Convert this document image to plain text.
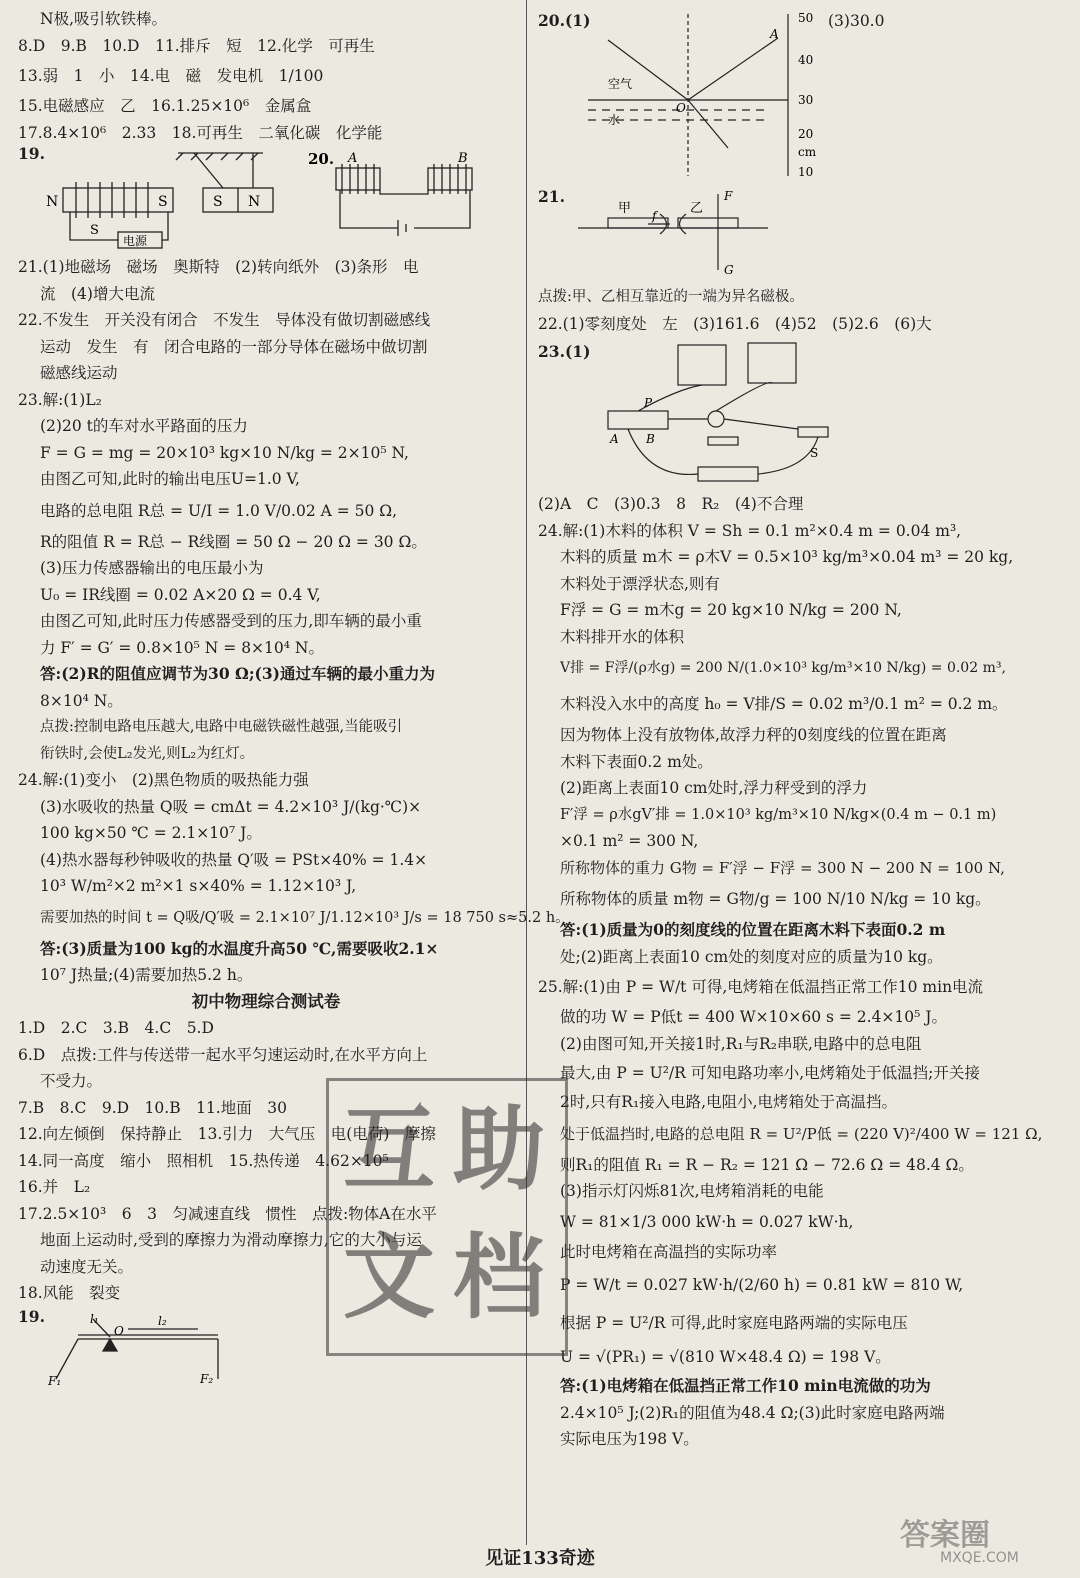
N极,吸引软铁棒。
8.D　9.B　10.D　11.排斥　短　12.化学　可再生
13.弱　1　小　14.电　磁　发电机　1/100
15.电磁感应　乙　16.1.25×10⁶　金属盒
17.8.4×10⁶　2.33　18.可再生　二氧化碳　化学能
19.
N	S	S N
S
电源
20. A	B
21.(1)地磁场　磁场　奥斯特　(2)转向纸外　(3)条形　电
流　(4)增大电流
22.不发生　开关没有闭合　不发生　导体没有做切割磁感线
运动　发生　有　闭合电路的一部分导体在磁场中做切割
磁感线运动
23.解:(1)L₂
(2)20 t的车对水平路面的压力
F = G = mg = 20×10³ kg×10 N/kg = 2×10⁵ N,
由图乙可知,此时的输出电压U=1.0 V,
电路的总电阻 R总 = U/I = 1.0 V/0.02 A = 50 Ω,
R的阻值 R = R总 − R线圈 = 50 Ω − 20 Ω = 30 Ω。
(3)压力传感器输出的电压最小为
U₀ = IR线圈 = 0.02 A×20 Ω = 0.4 V,
由图乙可知,此时压力传感器受到的压力,即车辆的最小重
力 F′ = G′ = 0.8×10⁵ N = 8×10⁴ N。
答:(2)R的阻值应调节为30 Ω;(3)通过车辆的最小重力为
8×10⁴ N。
点拨:控制电路电压越大,电路中电磁铁磁性越强,当能吸引
衔铁时,会使L₂发光,则L₂为红灯。
24.解:(1)变小　(2)黑色物质的吸热能力强
(3)水吸收的热量 Q吸 = cmΔt = 4.2×10³ J/(kg·℃)×
100 kg×50 ℃ = 2.1×10⁷ J。
(4)热水器每秒钟吸收的热量 Q′吸 = PSt×40% = 1.4×
10³ W/m²×2 m²×1 s×40% = 1.12×10³ J,
需要加热的时间 t = Q吸/Q′吸 = 2.1×10⁷ J/1.12×10³ J/s = 18 750 s≈5.2 h。
答:(3)质量为100 kg的水温度升高50 ℃,需要吸收2.1×
10⁷ J热量;(4)需要加热5.2 h。
初中物理综合测试卷
1.D　2.C　3.B　4.C　5.D
6.D　点拨:工件与传送带一起水平匀速运动时,在水平方向上
不受力。
7.B　8.C　9.D　10.B　11.地面　30
12.向左倾倒　保持静止　13.引力　大气压　电(电荷)　摩擦
14.同一高度　缩小　照相机　15.热传递　4.62×10⁵
16.并　L₂
17.2.5×10³　6　3　匀减速直线　惯性　点拨:物体A在水平
地面上运动时,受到的摩擦力为滑动摩擦力,它的大小与运
动速度无关。
18.风能　裂变
19.	l₁
O
l₂
F₁	F₂
20.(1)	(3)30.0
50
40
30
20
cm
10
A
O
空气
水
21.
甲	乙
f
F
G
点拨:甲、乙相互靠近的一端为异名磁极。
22.(1)零刻度处　左　(3)161.6　(4)52　(5)2.6　(6)大
23.(1)
P
A B
S
(2)A　C　(3)0.3　8　R₂　(4)不合理
24.解:(1)木料的体积 V = Sh = 0.1 m²×0.4 m = 0.04 m³,
木料的质量 m木 = ρ木V = 0.5×10³ kg/m³×0.04 m³ = 20 kg,
木料处于漂浮状态,则有
F浮 = G = m木g = 20 kg×10 N/kg = 200 N,
木料排开水的体积
V排 = F浮/(ρ水g) = 200 N/(1.0×10³ kg/m³×10 N/kg) = 0.02 m³,
木料没入水中的高度 h₀ = V排/S = 0.02 m³/0.1 m² = 0.2 m。
因为物体上没有放物体,故浮力秤的0刻度线的位置在距离
木料下表面0.2 m处。
(2)距离上表面10 cm处时,浮力秤受到的浮力
F′浮 = ρ水gV′排 = 1.0×10³ kg/m³×10 N/kg×(0.4 m − 0.1 m)
×0.1 m² = 300 N,
所称物体的重力 G物 = F′浮 − F浮 = 300 N − 200 N = 100 N,
所称物体的质量 m物 = G物/g = 100 N/10 N/kg = 10 kg。
答:(1)质量为0的刻度线的位置在距离木料下表面0.2 m
处;(2)距离上表面10 cm处的刻度对应的质量为10 kg。
25.解:(1)由 P = W/t 可得,电烤箱在低温挡正常工作10 min电流
做的功 W = P低t = 400 W×10×60 s = 2.4×10⁵ J。
(2)由图可知,开关接1时,R₁与R₂串联,电路中的总电阻
最大,由 P = U²/R 可知电路功率小,电烤箱处于低温挡;开关接
2时,只有R₁接入电路,电阻小,电烤箱处于高温挡。
处于低温挡时,电路的总电阻 R = U²/P低 = (220 V)²/400 W = 121 Ω,
则R₁的阻值 R₁ = R − R₂ = 121 Ω − 72.6 Ω = 48.4 Ω。
(3)指示灯闪烁81次,电烤箱消耗的电能
W = 81×1/3 000 kW·h = 0.027 kW·h,
此时电烤箱在高温挡的实际功率
P = W/t = 0.027 kW·h/(2/60 h) = 0.81 kW = 810 W,
根据 P = U²/R 可得,此时家庭电路两端的实际电压
U = √(PR₁) = √(810 W×48.4 Ω) = 198 V。
答:(1)电烤箱在低温挡正常工作10 min电流做的功为
2.4×10⁵ J;(2)R₁的阻值为48.4 Ω;(3)此时家庭电路两端
实际电压为198 V。
互 助
文 档
见证133奇迹
答案圈
MXQE.COM
